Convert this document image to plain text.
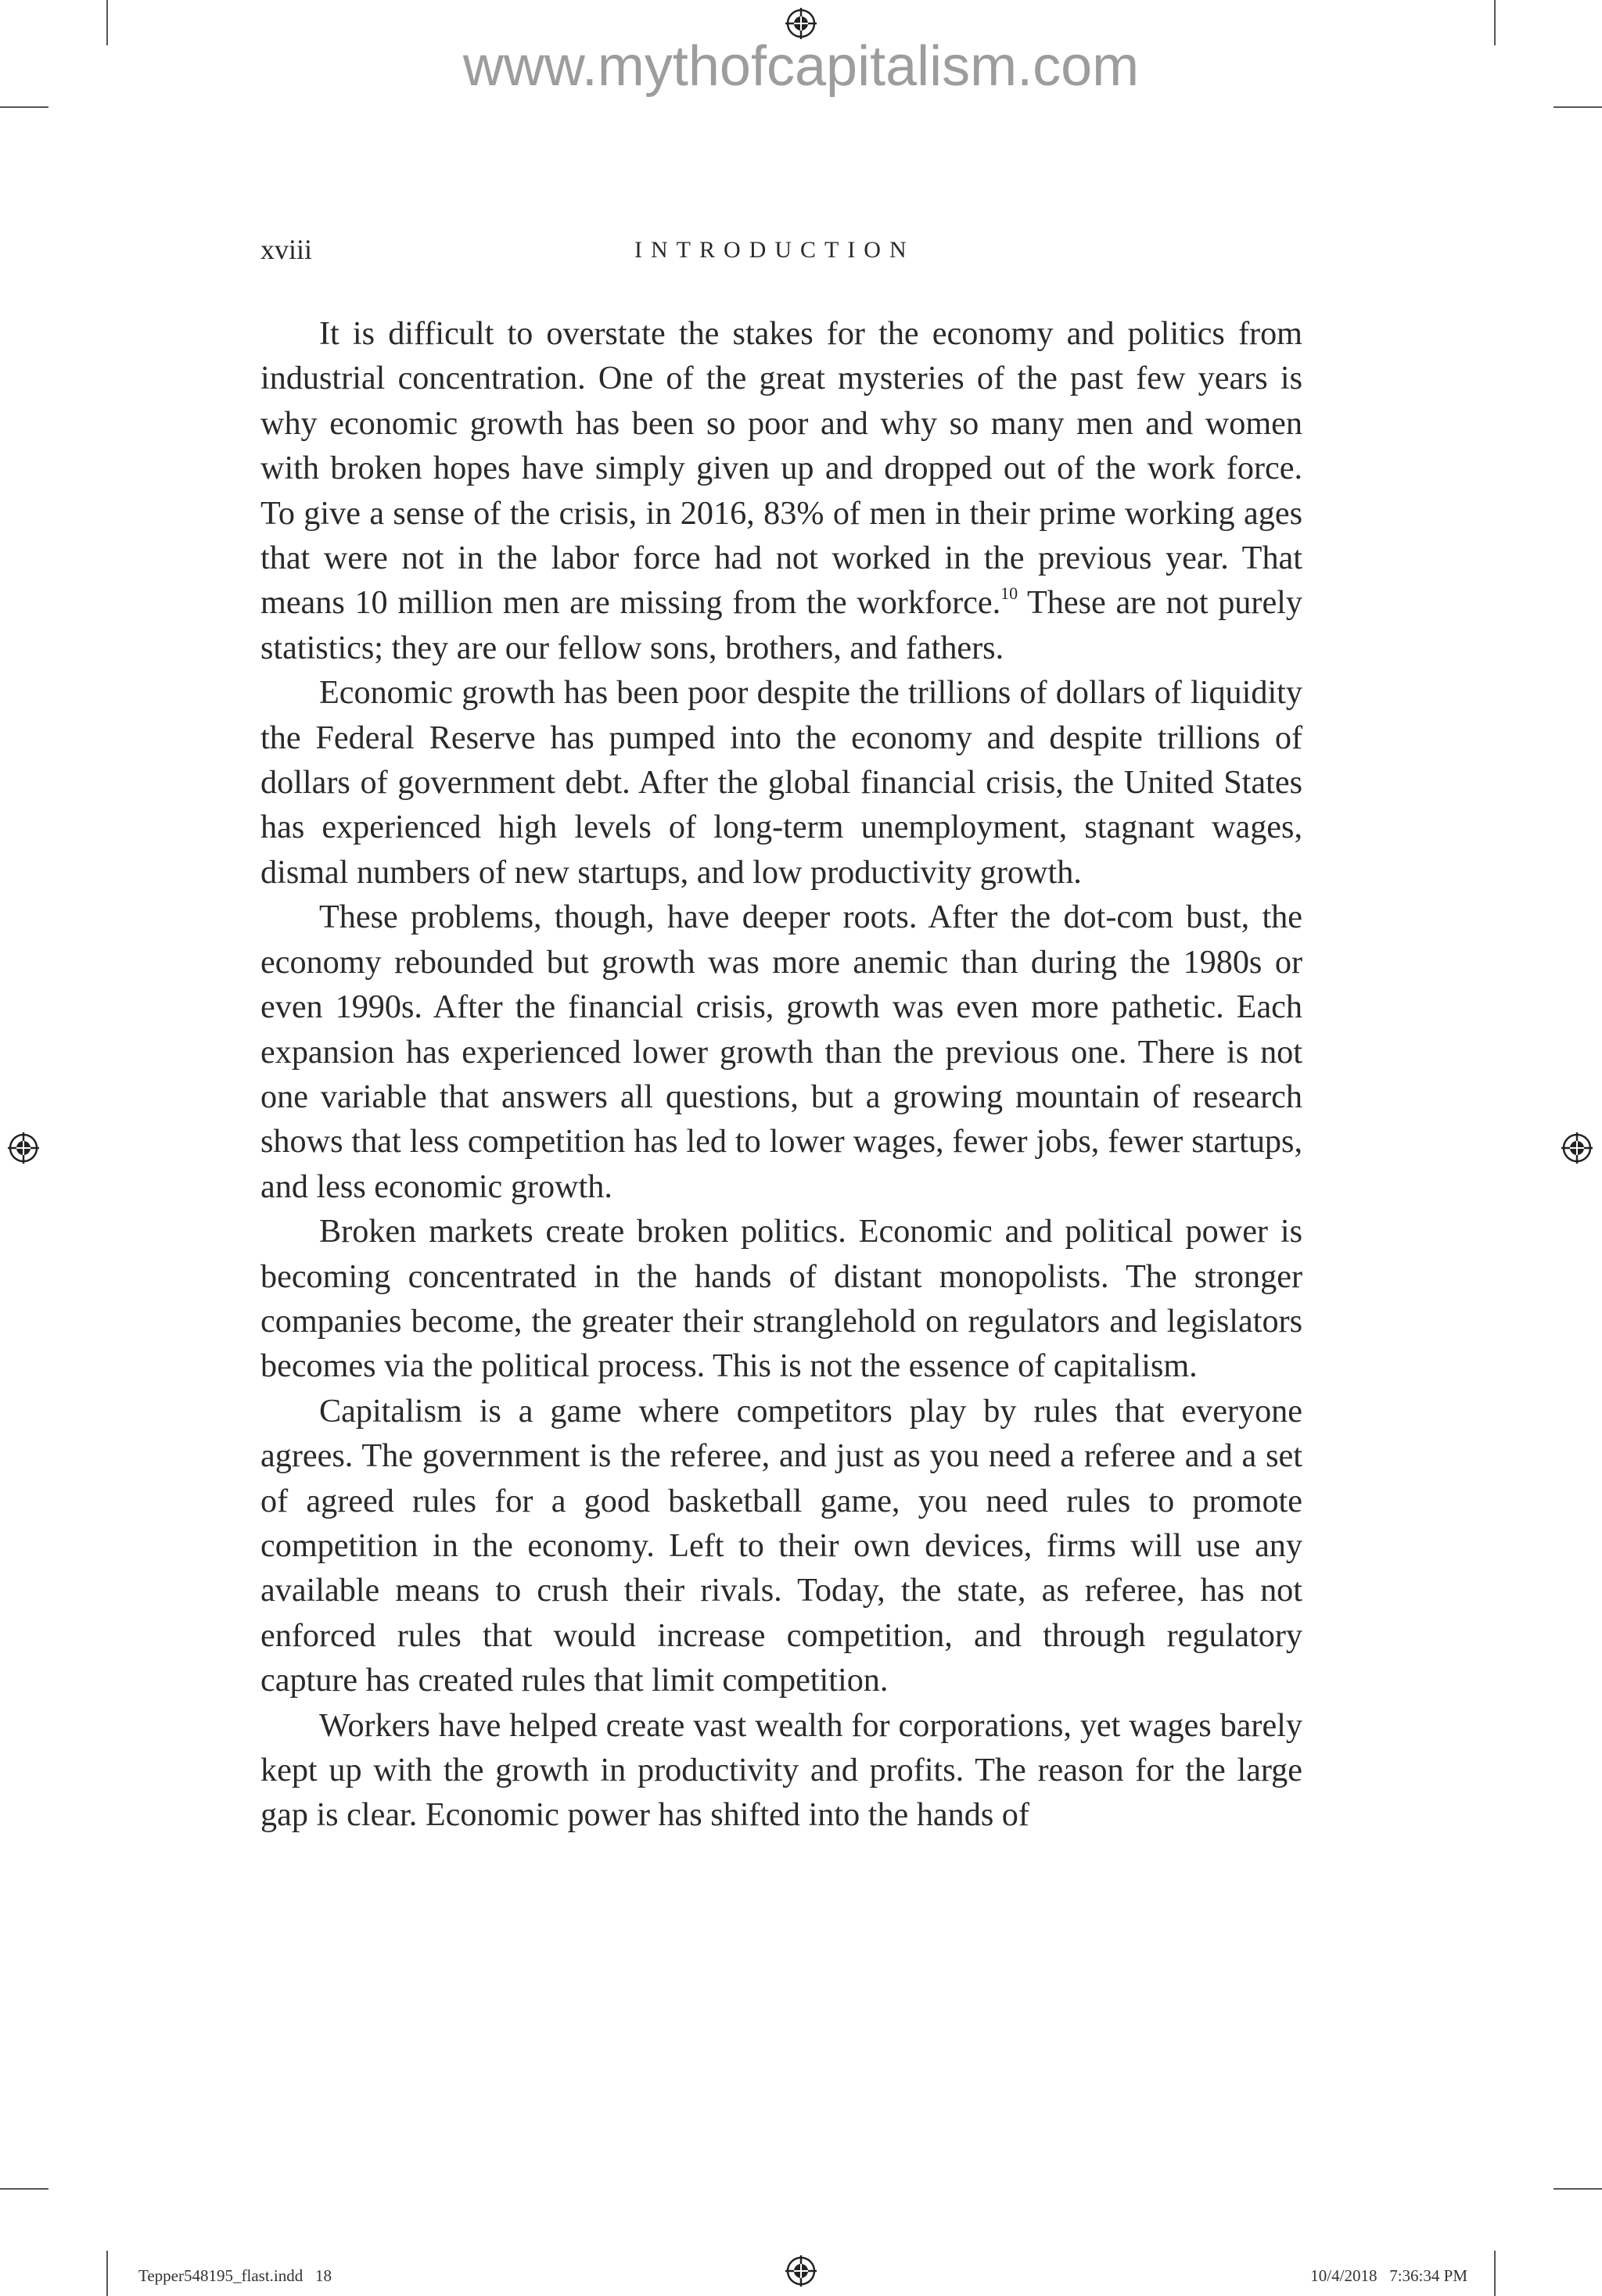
www.mythofcapitalism.com
xviii	INTRODUCTION

It is difficult to overstate the stakes for the economy and politics from industrial concentration. One of the great mysteries of the past few years is why economic growth has been so poor and why so many men and women with broken hopes have simply given up and dropped out of the work force. To give a sense of the crisis, in 2016, 83% of men in their prime working ages that were not in the labor force had not worked in the previous year. That means 10 million men are missing from the workforce.$^{10}$ These are not purely statistics; they are our fellow sons, brothers, and fathers.

Economic growth has been poor despite the trillions of dollars of liquidity the Federal Reserve has pumped into the economy and despite trillions of dollars of government debt. After the global financial crisis, the United States has experienced high levels of long-term unemployment, stagnant wages, dismal numbers of new startups, and low productivity growth.

These problems, though, have deeper roots. After the dot-com bust, the economy rebounded but growth was more anemic than during the 1980s or even 1990s. After the financial crisis, growth was even more pathetic. Each expansion has experienced lower growth than the previous one. There is not one variable that answers all questions, but a growing mountain of research shows that less competition has led to lower wages, fewer jobs, fewer startups, and less economic growth.

Broken markets create broken politics. Economic and political power is becoming concentrated in the hands of distant monopolists. The stronger companies become, the greater their stranglehold on regulators and legislators becomes via the political process. This is not the essence of capitalism.

Capitalism is a game where competitors play by rules that everyone agrees. The government is the referee, and just as you need a referee and a set of agreed rules for a good basketball game, you need rules to promote competition in the economy. Left to their own devices, firms will use any available means to crush their rivals. Today, the state, as referee, has not enforced rules that would increase competition, and through regulatory capture has created rules that limit competition.

Workers have helped create vast wealth for corporations, yet wages barely kept up with the growth in productivity and profits. The reason for the large gap is clear. Economic power has shifted into the hands of

Tepper548195_flast.indd   18	10/4/2018   7:36:34 PM
